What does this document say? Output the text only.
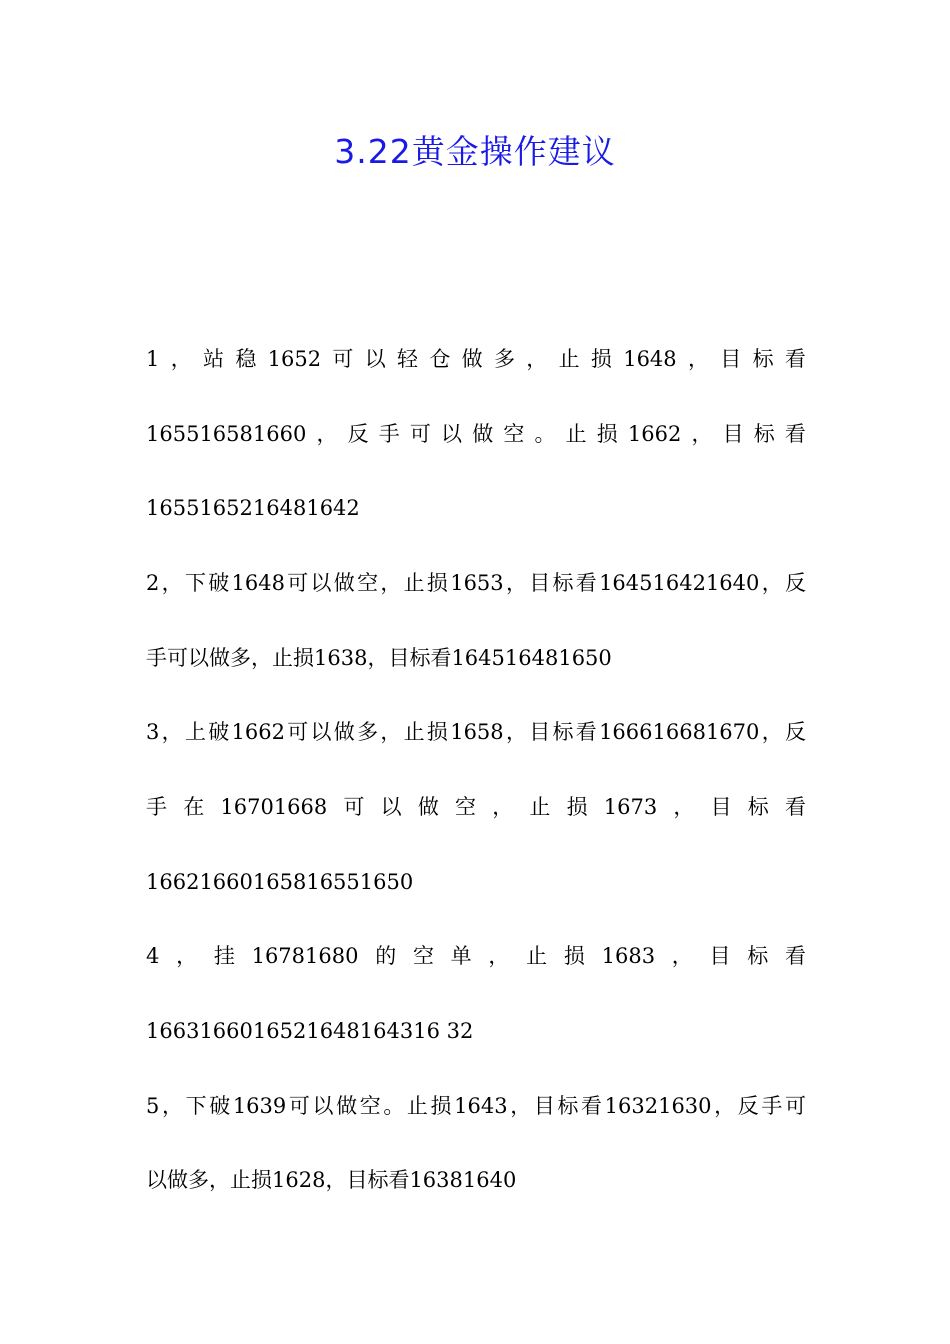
3.22黄金操作建议
1 ， 站 稳 1652 可 以 轻 仓 做 多 ， 止 损 1648 ， 目 标 看
165516581660 ， 反 手 可 以 做 空 。 止 损 1662 ， 目 标 看
1655165216481642
2 ， 下 破 1648 可 以 做 空 ， 止 损 1653 ， 目 标 看 164516421640 ， 反
手可以做多，止损1638，目标看164516481650
3 ， 上 破 1662 可 以 做 多 ， 止 损 1658 ， 目 标 看 166616681670 ， 反
手 在 16701668 可 以 做 空 ， 止 损 1673 ， 目 标 看
16621660165816551650
4 ， 挂 16781680 的 空 单 ， 止 损 1683 ， 目 标 看
1663166016521648164316 32
5 ， 下 破 1639 可 以 做 空 。 止 损 1643 ， 目 标 看 16321630 ， 反 手 可
以做多，止损1628，目标看16381640
